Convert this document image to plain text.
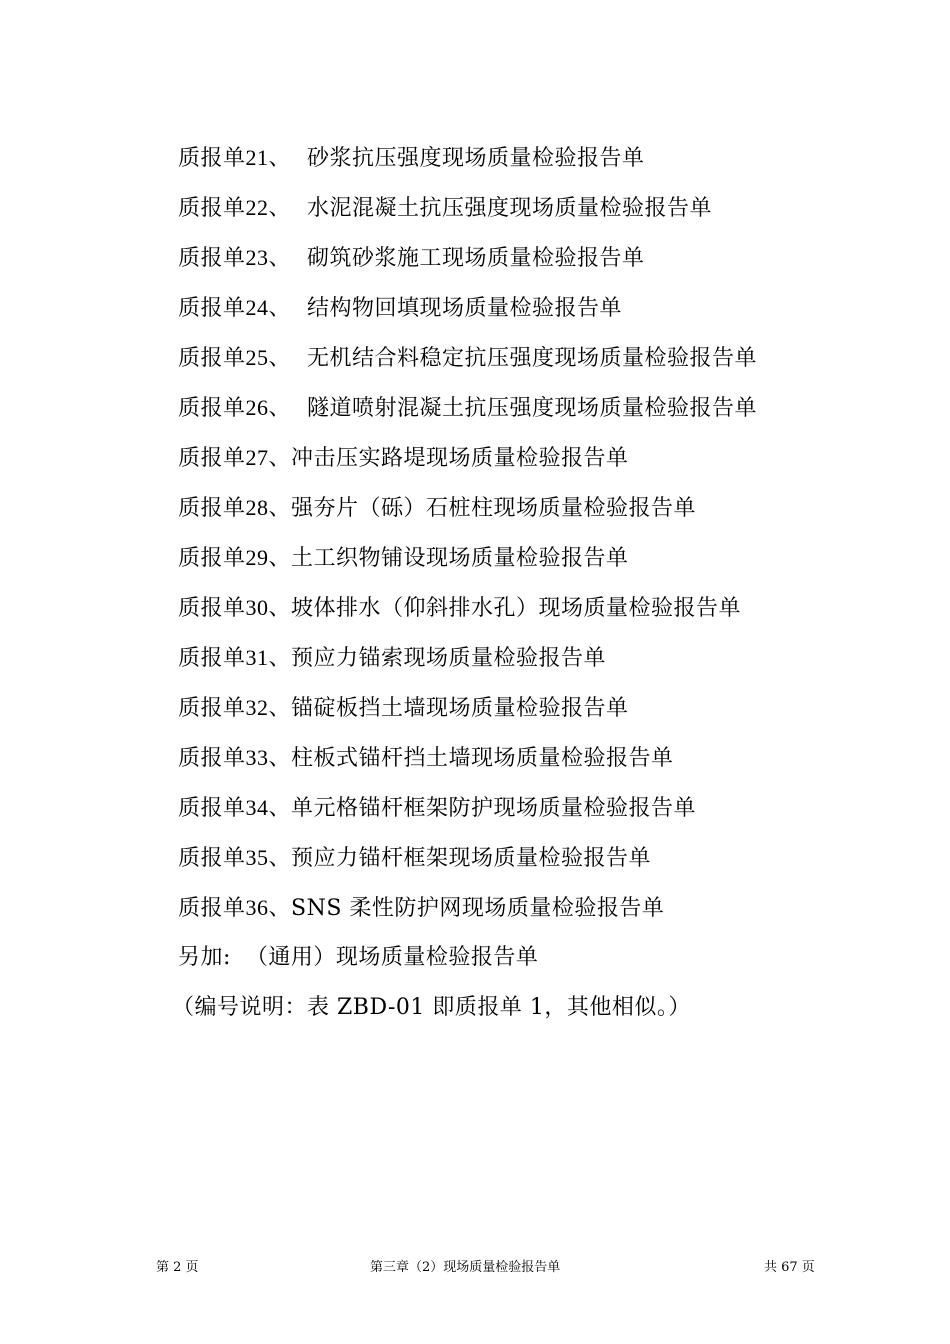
质报单21、 砂浆抗压强度现场质量检验报告单
质报单22、 水泥混凝土抗压强度现场质量检验报告单
质报单23、 砌筑砂浆施工现场质量检验报告单
质报单24、 结构物回填现场质量检验报告单
质报单25、 无机结合料稳定抗压强度现场质量检验报告单
质报单26、 隧道喷射混凝土抗压强度现场质量检验报告单
质报单27、冲击压实路堤现场质量检验报告单
质报单28、强夯片（砾）石桩柱现场质量检验报告单
质报单29、土工织物铺设现场质量检验报告单
质报单30、坡体排水（仰斜排水孔）现场质量检验报告单
质报单31、预应力锚索现场质量检验报告单
质报单32、锚碇板挡土墙现场质量检验报告单
质报单33、柱板式锚杆挡土墙现场质量检验报告单
质报单34、单元格锚杆框架防护现场质量检验报告单
质报单35、预应力锚杆框架现场质量检验报告单
质报单36、SNS 柔性防护网现场质量检验报告单
另加:  （通用）现场质量检验报告单
（编号说明：表 ZBD-01 即质报单 1，其他相似。）
第 2 页	第三章（2）现场质量检验报告单	共 67 页
